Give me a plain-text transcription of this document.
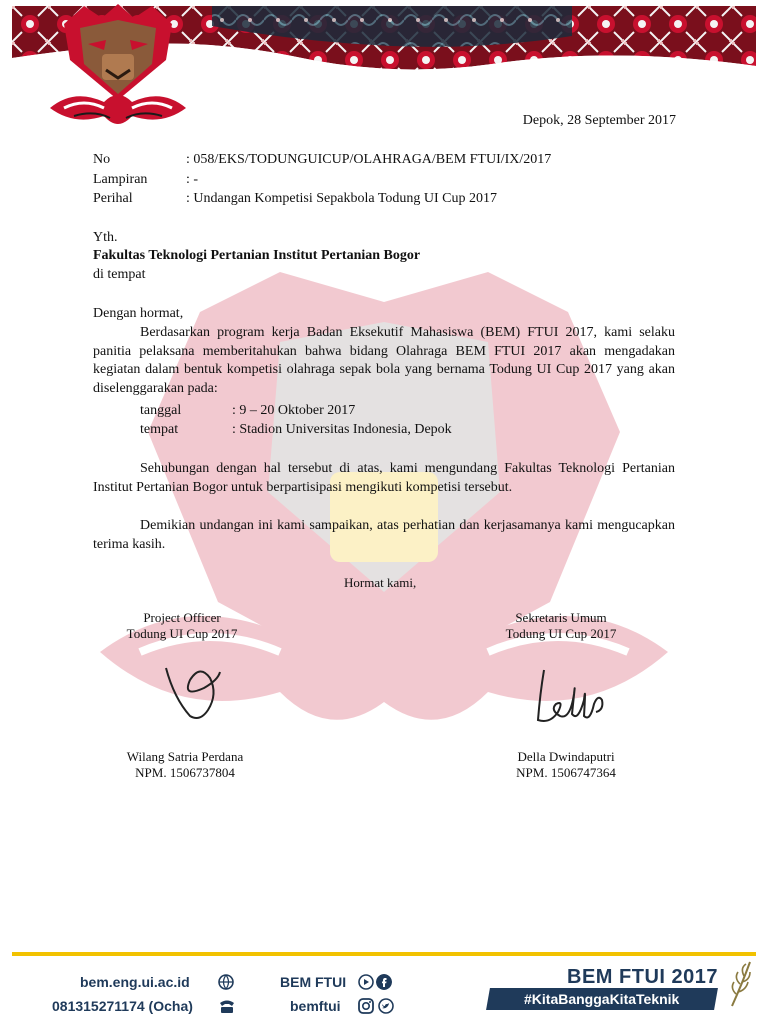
Depok, 28 September 2017
No	: 058/EKS/TODUNGUICUP/OLAHRAGA/BEM FTUI/IX/2017
Lampiran	: -
Perihal	: Undangan Kompetisi Sepakbola Todung UI Cup 2017
Yth.
Fakultas Teknologi Pertanian Institut Pertanian Bogor
di tempat
Dengan hormat,
Berdasarkan program kerja Badan Eksekutif Mahasiswa (BEM) FTUI 2017, kami selaku panitia pelaksana memberitahukan bahwa bidang Olahraga BEM FTUI 2017 akan mengadakan kegiatan dalam bentuk kompetisi olahraga sepak bola yang bernama Todung UI Cup 2017 yang akan diselenggarakan pada:
tanggal	: 9 – 20 Oktober 2017
tempat	: Stadion Universitas Indonesia, Depok
Sehubungan dengan hal tersebut di atas, kami mengundang Fakultas Teknologi Pertanian Institut Pertanian Bogor untuk berpartisipasi mengikuti kompetisi tersebut.
Demikian undangan ini kami sampaikan, atas perhatian dan kerjasamanya kami mengucapkan terima kasih.
Hormat kami,
Project Officer
Todung UI Cup 2017
Sekretaris Umum
Todung UI Cup 2017
Wilang Satria Perdana
NPM. 1506737804
Della Dwindaputri
NPM. 1506747364
bem.eng.ui.ac.id
081315271174 (Ocha)
BEM FTUI
bemftui
BEM FTUI 2017
#KitaBanggaKitaTeknik
